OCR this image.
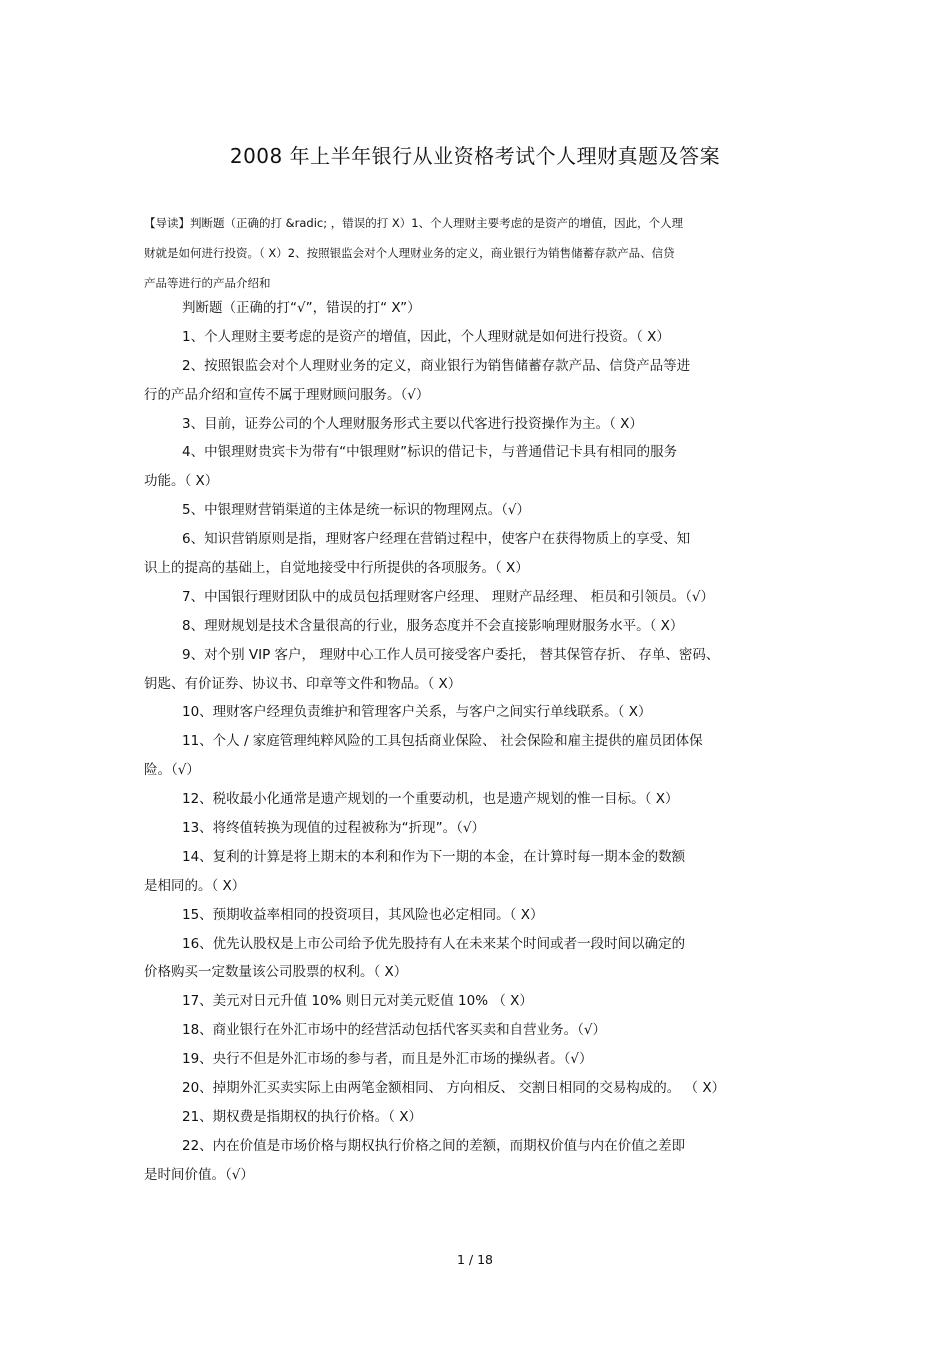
2008 年上半年银行从业资格考试个人理财真题及答案
【导读】判断题（正确的打 &radic; ，错误的打 X）1、个人理财主要考虑的是资产的增值，因此，个人理
财就是如何进行投资。（ X）2、按照银监会对个人理财业务的定义，商业银行为销售储蓄存款产品、信贷
产品等进行的产品介绍和
判断题（正确的打“√”，错误的打“ X”）
1、个人理财主要考虑的是资产的增值，因此，个人理财就是如何进行投资。（ X）
2、按照银监会对个人理财业务的定义，商业银行为销售储蓄存款产品、信贷产品等进
行的产品介绍和宣传不属于理财顾问服务。（√）
3、目前，证券公司的个人理财服务形式主要以代客进行投资操作为主。（ X）
4、中银理财贵宾卡为带有“中银理财”标识的借记卡，与普通借记卡具有相同的服务
功能。（ X）
5、中银理财营销渠道的主体是统一标识的物理网点。（√）
6、知识营销原则是指，理财客户经理在营销过程中，使客户在获得物质上的享受、知
识上的提高的基础上，自觉地接受中行所提供的各项服务。（ X）
7、中国银行理财团队中的成员包括理财客户经理、 理财产品经理、 柜员和引领员。（√）
8、理财规划是技术含量很高的行业，服务态度并不会直接影响理财服务水平。（ X）
9、对个别 VIP 客户， 理财中心工作人员可接受客户委托， 替其保管存折、 存单、密码、
钥匙、有价证券、协议书、印章等文件和物品。（ X）
10、理财客户经理负责维护和管理客户关系，与客户之间实行单线联系。（ X）
11、个人 / 家庭管理纯粹风险的工具包括商业保险、 社会保险和雇主提供的雇员团体保
险。（√）
12、税收最小化通常是遗产规划的一个重要动机，也是遗产规划的惟一目标。（ X）
13、将终值转换为现值的过程被称为“折现”。（√）
14、复利的计算是将上期末的本利和作为下一期的本金，在计算时每一期本金的数额
是相同的。（ X）
15、预期收益率相同的投资项目，其风险也必定相同。（ X）
16、优先认股权是上市公司给予优先股持有人在未来某个时间或者一段时间以确定的
价格购买一定数量该公司股票的权利。（ X）
17、美元对日元升值 10% 则日元对美元贬值 10% （ X）
18、商业银行在外汇市场中的经营活动包括代客买卖和自营业务。（√）
19、央行不但是外汇市场的参与者，而且是外汇市场的操纵者。（√）
20、掉期外汇买卖实际上由两笔金额相同、 方向相反、 交割日相同的交易构成的。 （ X）
21、期权费是指期权的执行价格。（ X）
22、内在价值是市场价格与期权执行价格之间的差额，而期权价值与内在价值之差即
是时间价值。（√）
1 / 18
